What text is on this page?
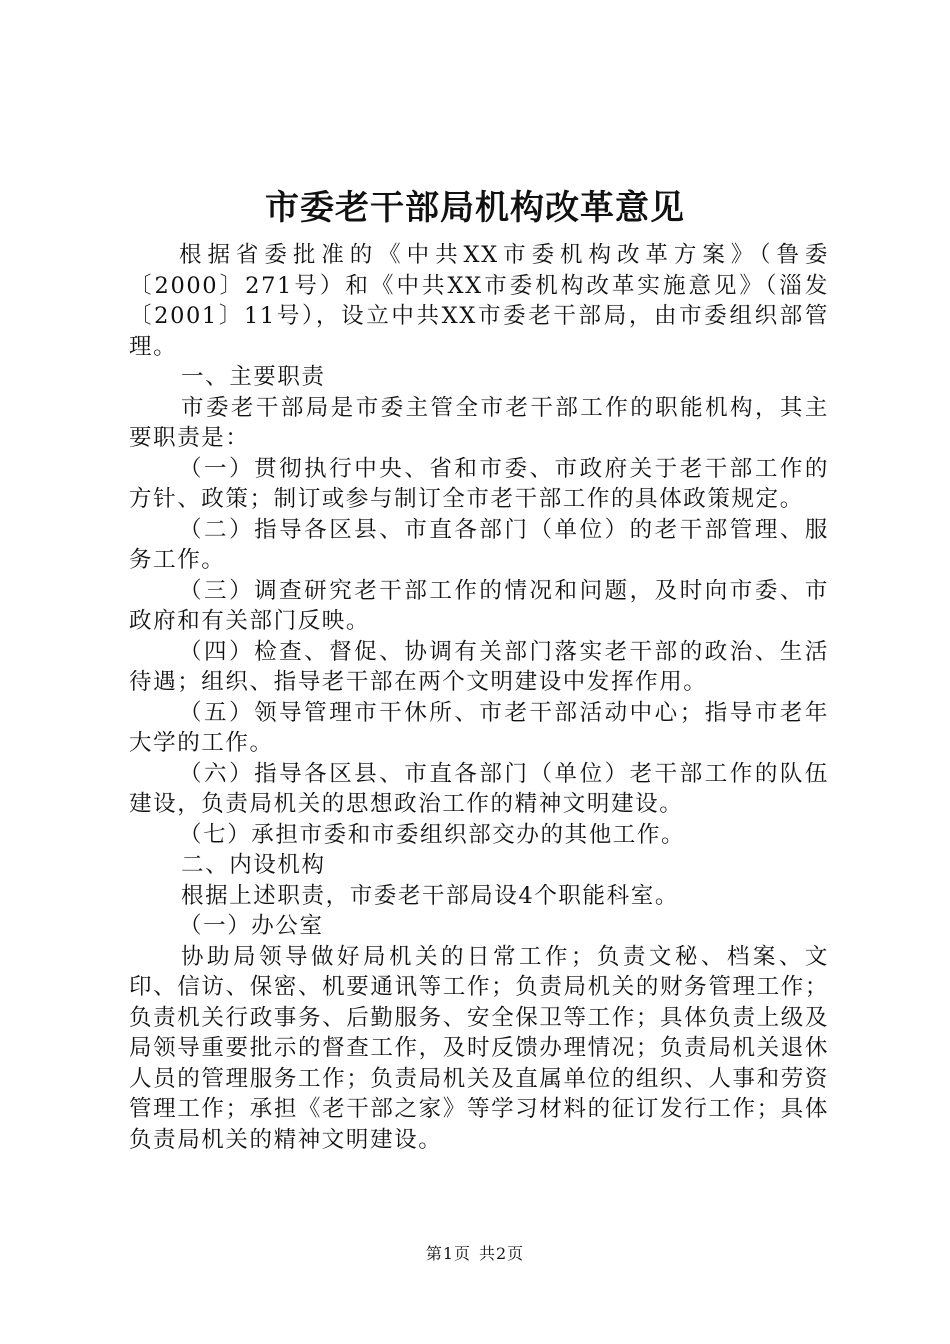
市委老干部局机构改革意见

根据省委批准的《中共XX市委机构改革方案》（鲁委〔2000〕271号）和《中共XX市委机构改革实施意见》（淄发〔2001〕11号），设立中共XX市委老干部局，由市委组织部管理。

一、主要职责

市委老干部局是市委主管全市老干部工作的职能机构，其主要职责是：

（一）贯彻执行中央、省和市委、市政府关于老干部工作的方针、政策；制订或参与制订全市老干部工作的具体政策规定。

（二）指导各区县、市直各部门（单位）的老干部管理、服务工作。

（三）调查研究老干部工作的情况和问题，及时向市委、市政府和有关部门反映。

（四）检查、督促、协调有关部门落实老干部的政治、生活待遇；组织、指导老干部在两个文明建设中发挥作用。

（五）领导管理市干休所、市老干部活动中心；指导市老年大学的工作。

（六）指导各区县、市直各部门（单位）老干部工作的队伍建设，负责局机关的思想政治工作的精神文明建设。

（七）承担市委和市委组织部交办的其他工作。

二、内设机构

根据上述职责，市委老干部局设4个职能科室。

（一）办公室

协助局领导做好局机关的日常工作；负责文秘、档案、文印、信访、保密、机要通讯等工作；负责局机关的财务管理工作；负责机关行政事务、后勤服务、安全保卫等工作；具体负责上级及局领导重要批示的督查工作，及时反馈办理情况；负责局机关退休人员的管理服务工作；负责局机关及直属单位的组织、人事和劳资管理工作；承担《老干部之家》等学习材料的征订发行工作；具体负责局机关的精神文明建设。

第1页 共2页
